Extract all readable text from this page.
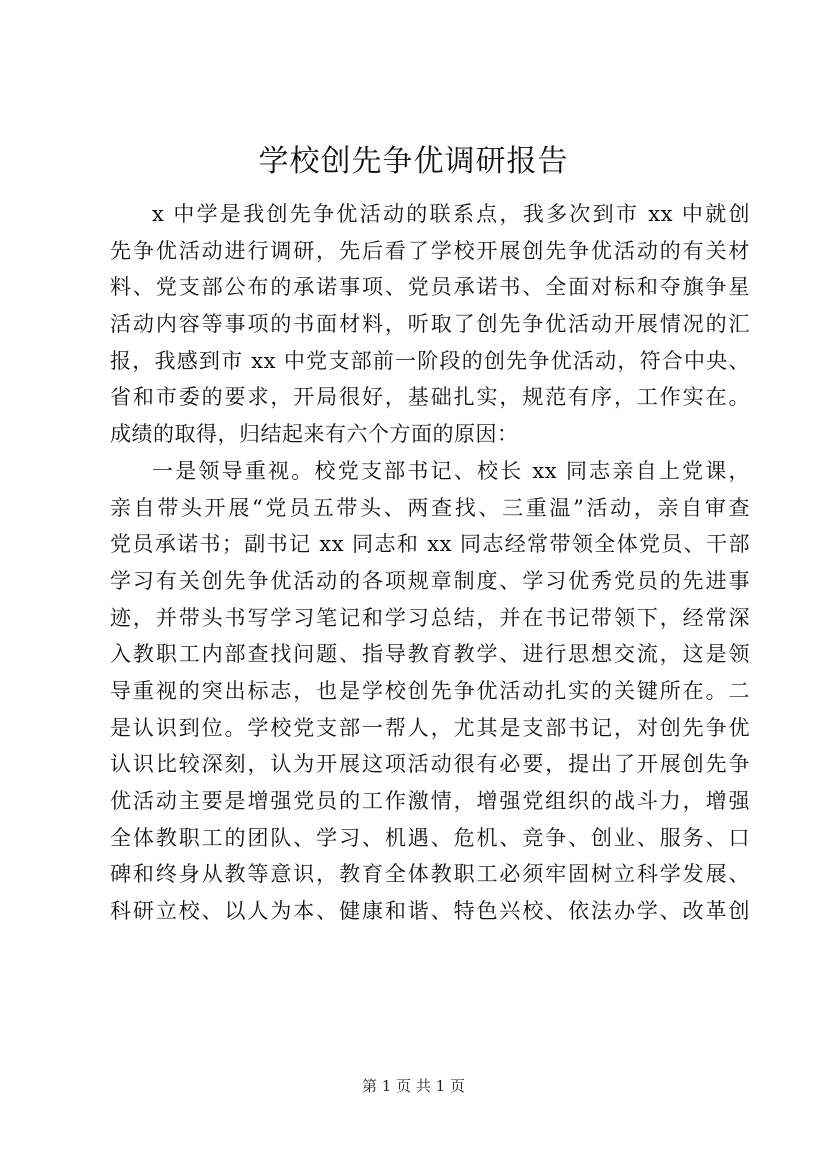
学校创先争优调研报告
x 中学是我创先争优活动的联系点，我多次到市 xx 中就创
先争优活动进行调研，先后看了学校开展创先争优活动的有关材
料、党支部公布的承诺事项、党员承诺书、全面对标和夺旗争星
活动内容等事项的书面材料，听取了创先争优活动开展情况的汇
报，我感到市 xx 中党支部前一阶段的创先争优活动，符合中央、
省和市委的要求，开局很好，基础扎实，规范有序，工作实在。
成绩的取得，归结起来有六个方面的原因：
一是领导重视。校党支部书记、校长 xx 同志亲自上党课，
亲自带头开展“党员五带头、两查找、三重温”活动，亲自审查
党员承诺书；副书记 xx 同志和 xx 同志经常带领全体党员、干部
学习有关创先争优活动的各项规章制度、学习优秀党员的先进事
迹，并带头书写学习笔记和学习总结，并在书记带领下，经常深
入教职工内部查找问题、指导教育教学、进行思想交流，这是领
导重视的突出标志，也是学校创先争优活动扎实的关键所在。二
是认识到位。学校党支部一帮人，尤其是支部书记，对创先争优
认识比较深刻，认为开展这项活动很有必要，提出了开展创先争
优活动主要是增强党员的工作激情，增强党组织的战斗力，增强
全体教职工的团队、学习、机遇、危机、竞争、创业、服务、口
碑和终身从教等意识，教育全体教职工必须牢固树立科学发展、
科研立校、以人为本、健康和谐、特色兴校、依法办学、改革创
第 1 页 共 1 页
